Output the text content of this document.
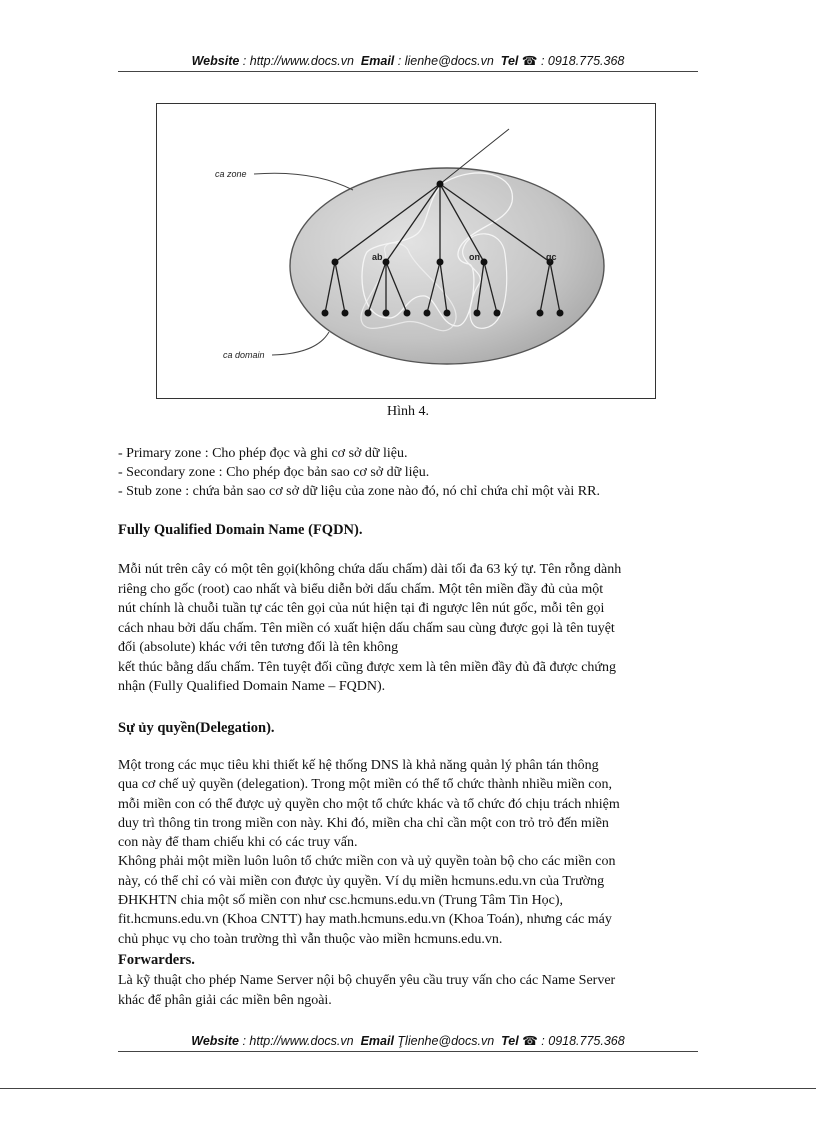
Website : http://www.docs.vn Email : lienhe@docs.vn Tel ☎ : 0918.775.368
ca zone
ca domain
ab	on	qc
Hình 4.
- Primary zone : Cho phép đọc và ghi cơ sở dữ liệu.
- Secondary zone : Cho phép đọc bản sao cơ sở dữ liệu.
- Stub zone : chứa bản sao cơ sở dữ liệu của zone nào đó, nó chỉ chứa chỉ một vài RR.
Fully Qualified Domain Name (FQDN).
Mỗi nút trên cây có một tên gọi(không chứa dấu chấm) dài tối đa 63 ký tự. Tên rỗng dành
riêng cho gốc (root) cao nhất và biểu diễn bởi dấu chấm. Một tên miền đầy đủ của một
nút chính là chuỗi tuần tự các tên gọi của nút hiện tại đi ngược lên nút gốc, mỗi tên gọi
cách nhau bởi dấu chấm. Tên miền có xuất hiện dấu chấm sau cùng được gọi là tên tuyệt
đối (absolute) khác với tên tương đối là tên không
kết thúc bằng dấu chấm. Tên tuyệt đối cũng được xem là tên miền đầy đủ đã được chứng
nhận (Fully Qualified Domain Name – FQDN).
Sự ủy quyền(Delegation).
Một trong các mục tiêu khi thiết kế hệ thống DNS là khả năng quản lý phân tán thông
qua cơ chế uỷ quyền (delegation). Trong một miền có thể tổ chức thành nhiều miền con,
mỗi miền con có thể được uỷ quyền cho một tổ chức khác và tổ chức đó chịu trách nhiệm
duy trì thông tin trong miền con này. Khi đó, miền cha chỉ cần một con trỏ trỏ đến miền
con này để tham chiếu khi có các truy vấn.
Không phải một miền luôn luôn tổ chức miền con và uỷ quyền toàn bộ cho các miền con
này, có thể chỉ có vài miền con được ủy quyền. Ví dụ miền hcmuns.edu.vn của Trường
ĐHKHTN chia một số miền con như csc.hcmuns.edu.vn (Trung Tâm Tin Học),
fit.hcmuns.edu.vn (Khoa CNTT) hay math.hcmuns.edu.vn (Khoa Toán), nhưng các máy
chủ phục vụ cho toàn trường thì vẫn thuộc vào miền hcmuns.edu.vn.
Forwarders.
Là kỹ thuật cho phép Name Server nội bộ chuyển yêu cầu truy vấn cho các Name Server
khác để phân giải các miền bên ngoài.
Website : http://www.docs.vn Email Ţlienhe@docs.vn Tel ☎ : 0918.775.368
